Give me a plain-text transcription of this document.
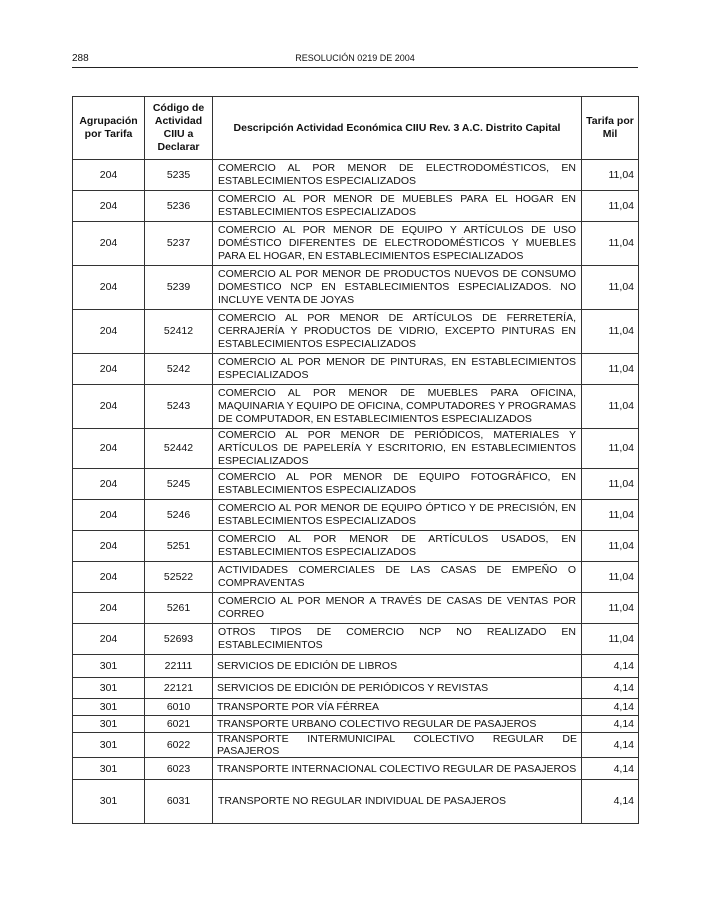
288	RESOLUCIÓN 0219 DE 2004
Agrupación por Tarifa	Código de Actividad CIIU a Declarar	Descripción Actividad Económica CIIU Rev. 3 A.C. Distrito Capital	Tarifa por Mil
204	5235	COMERCIO AL POR MENOR DE ELECTRODOMÉSTICOS, EN ESTABLECIMIENTOS ESPECIALIZADOS	11,04
204	5236	COMERCIO AL POR MENOR DE MUEBLES PARA EL HOGAR EN ESTABLECIMIENTOS ESPECIALIZADOS	11,04
204	5237	COMERCIO AL POR MENOR DE EQUIPO Y ARTÍCULOS DE USO DOMÉSTICO DIFERENTES DE ELECTRODOMÉSTICOS Y MUEBLES PARA EL HOGAR, EN ESTABLECIMIENTOS ESPECIALIZADOS	11,04
204	5239	COMERCIO AL POR MENOR DE PRODUCTOS NUEVOS DE CONSUMO DOMESTICO NCP EN ESTABLECIMIENTOS ESPECIALIZADOS. NO INCLUYE VENTA DE JOYAS	11,04
204	52412	COMERCIO AL POR MENOR DE ARTÍCULOS DE FERRETERÍA, CERRAJERÍA Y PRODUCTOS DE VIDRIO, EXCEPTO PINTURAS EN ESTABLECIMIENTOS ESPECIALIZADOS	11,04
204	5242	COMERCIO AL POR MENOR DE PINTURAS, EN ESTABLECIMIENTOS ESPECIALIZADOS	11,04
204	5243	COMERCIO AL POR MENOR DE MUEBLES PARA OFICINA, MAQUINARIA Y EQUIPO DE OFICINA, COMPUTADORES Y PROGRAMAS DE COMPUTADOR, EN ESTABLECIMIENTOS ESPECIALIZADOS	11,04
204	52442	COMERCIO AL POR MENOR DE PERIÓDICOS, MATERIALES Y ARTÍCULOS DE PAPELERÍA Y ESCRITORIO, EN ESTABLECIMIENTOS ESPECIALIZADOS	11,04
204	5245	COMERCIO AL POR MENOR DE EQUIPO FOTOGRÁFICO, EN ESTABLECIMIENTOS ESPECIALIZADOS	11,04
204	5246	COMERCIO AL POR MENOR DE EQUIPO ÓPTICO Y DE PRECISIÓN, EN ESTABLECIMIENTOS ESPECIALIZADOS	11,04
204	5251	COMERCIO AL POR MENOR DE ARTÍCULOS USADOS, EN ESTABLECIMIENTOS ESPECIALIZADOS	11,04
204	52522	ACTIVIDADES COMERCIALES DE LAS CASAS DE EMPEÑO O COMPRAVENTAS	11,04
204	5261	COMERCIO AL POR MENOR A TRAVÉS DE CASAS DE VENTAS POR CORREO	11,04
204	52693	OTROS TIPOS DE COMERCIO NCP NO REALIZADO EN ESTABLECIMIENTOS	11,04
301	22111	SERVICIOS DE EDICIÓN DE LIBROS	4,14
301	22121	SERVICIOS DE EDICIÓN DE PERIÓDICOS Y REVISTAS	4,14
301	6010	TRANSPORTE POR VÍA FÉRREA	4,14
301	6021	TRANSPORTE URBANO COLECTIVO REGULAR DE PASAJEROS	4,14
301	6022	TRANSPORTE INTERMUNICIPAL COLECTIVO REGULAR DE PASAJEROS	4,14
301	6023	TRANSPORTE INTERNACIONAL COLECTIVO REGULAR DE PASAJEROS	4,14
301	6031	TRANSPORTE NO REGULAR INDIVIDUAL DE PASAJEROS	4,14
